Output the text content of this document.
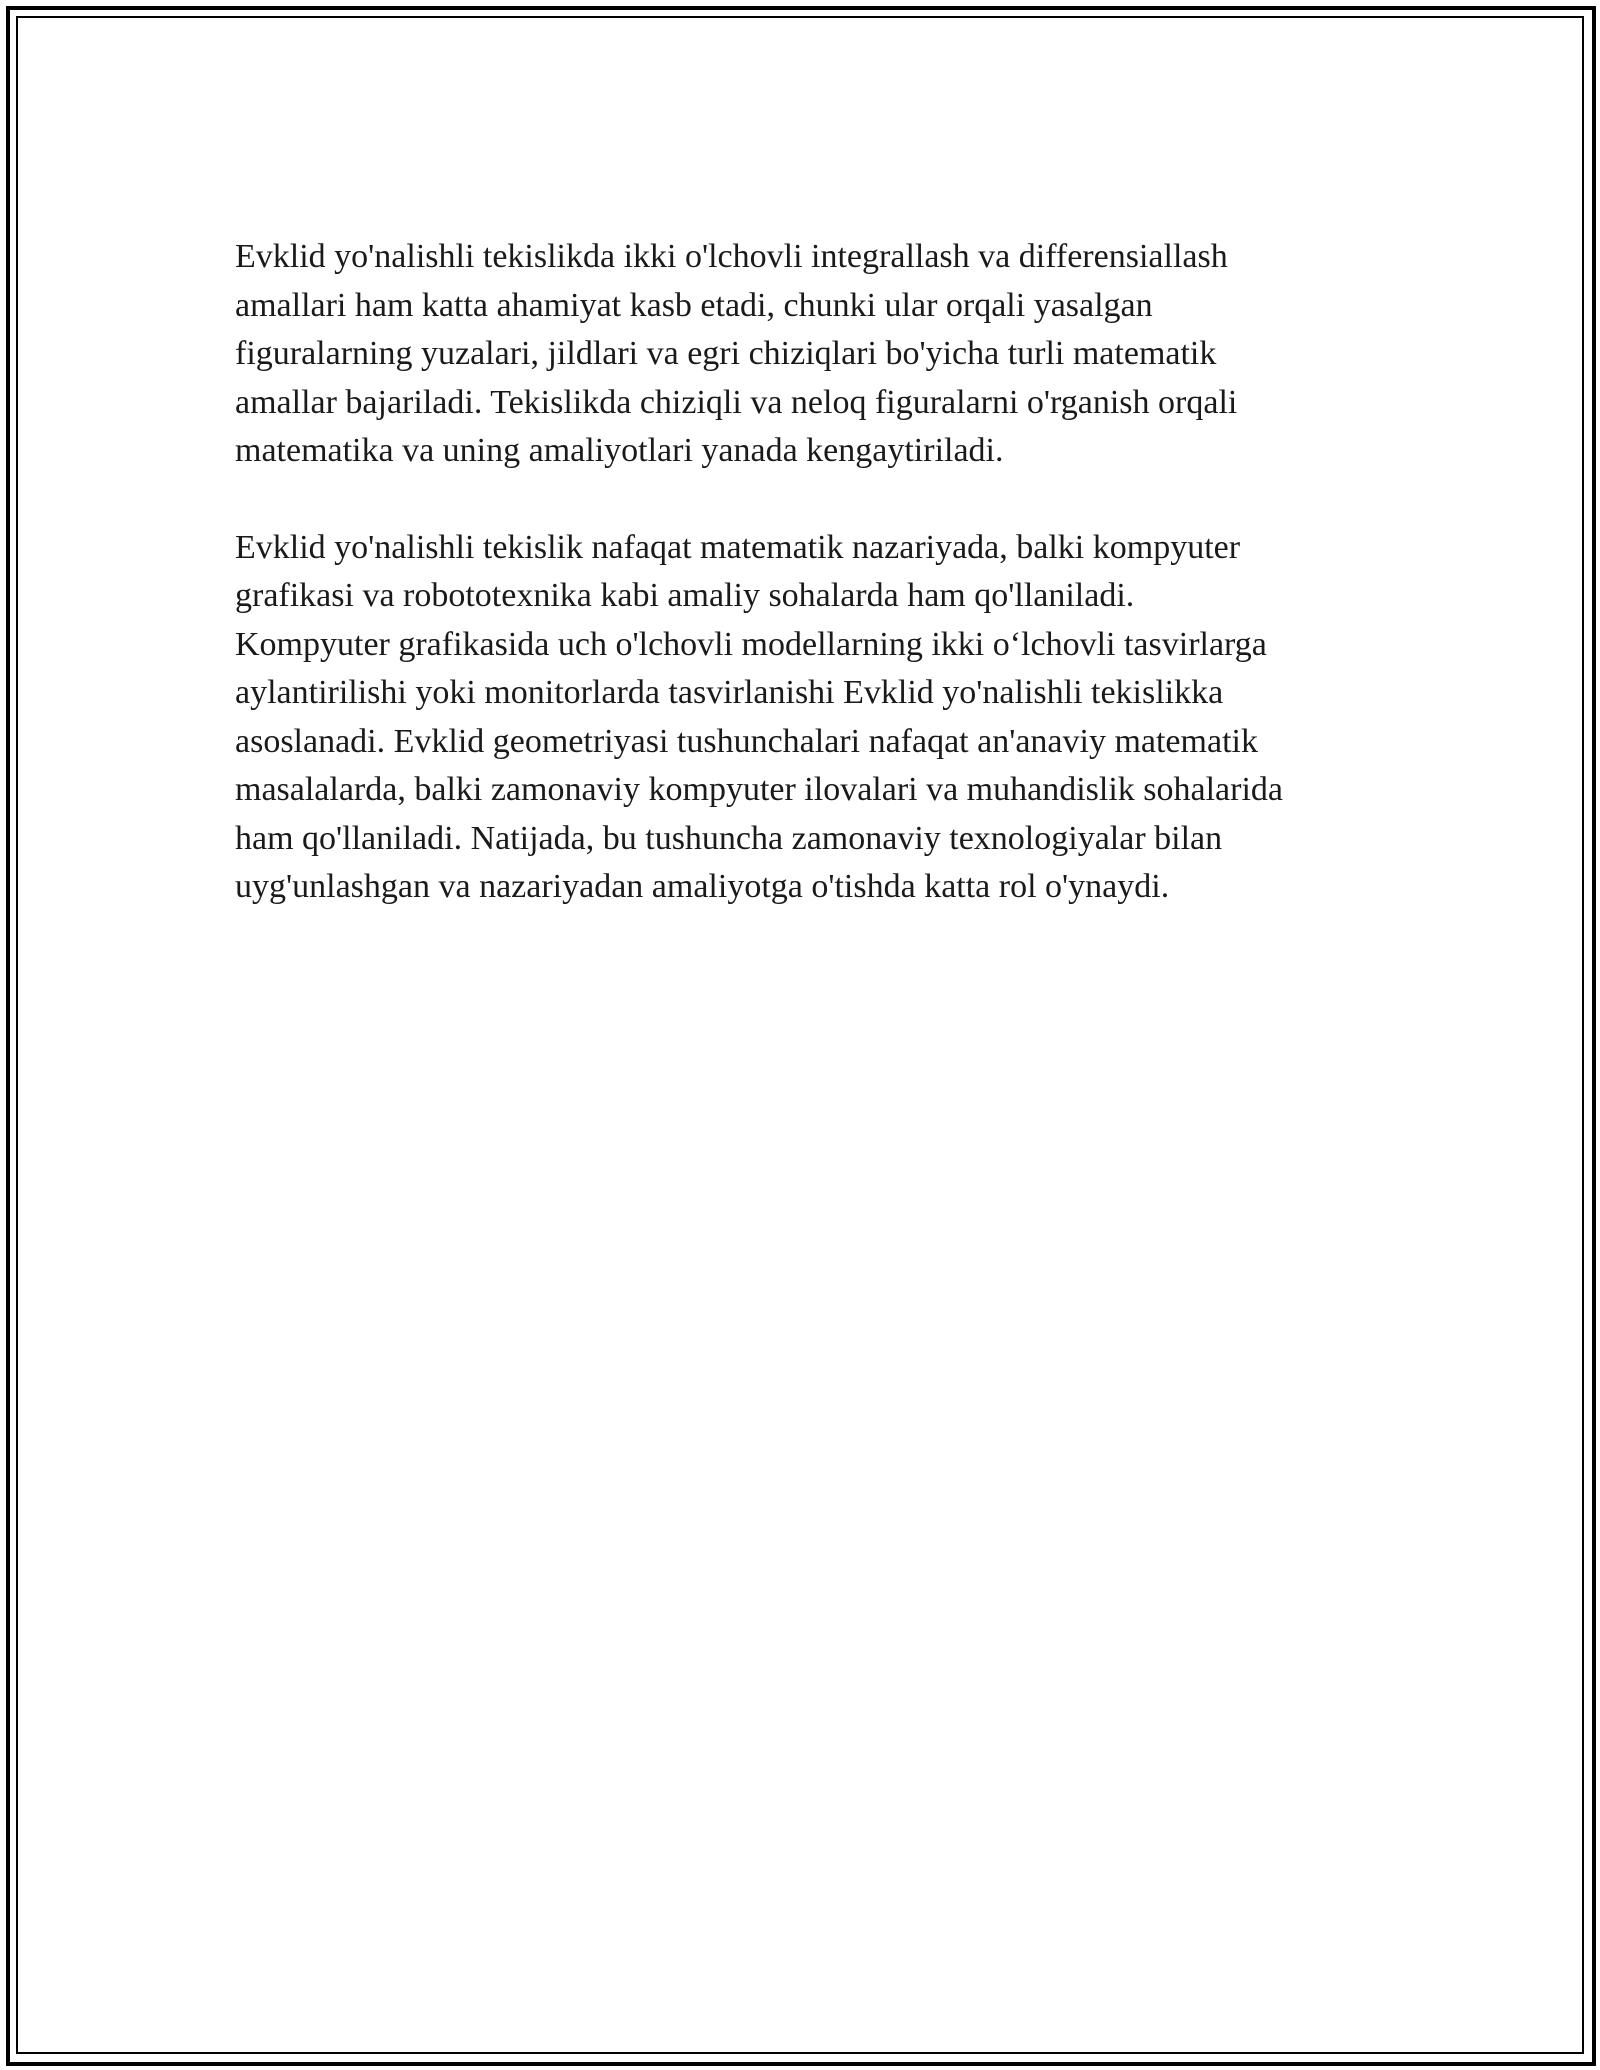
Evklid yo'nalishli tekislikda ikki o'lchovli integrallash va differensiallash
amallari ham katta ahamiyat kasb etadi, chunki ular orqali yasalgan
figuralarning yuzalari, jildlari va egri chiziqlari bo'yicha turli matematik
amallar bajariladi. Tekislikda chiziqli va neloq figuralarni o'rganish orqali
matematika va uning amaliyotlari yanada kengaytiriladi.

Evklid yo'nalishli tekislik nafaqat matematik nazariyada, balki kompyuter
grafikasi va robototexnika kabi amaliy sohalarda ham qo'llaniladi.
Kompyuter grafikasida uch o'lchovli modellarning ikki o‘lchovli tasvirlarga
aylantirilishi yoki monitorlarda tasvirlanishi Evklid yo'nalishli tekislikka
asoslanadi. Evklid geometriyasi tushunchalari nafaqat an'anaviy matematik
masalalarda, balki zamonaviy kompyuter ilovalari va muhandislik sohalarida
ham qo'llaniladi. Natijada, bu tushuncha zamonaviy texnologiyalar bilan
uyg'unlashgan va nazariyadan amaliyotga o'tishda katta rol o'ynaydi.
